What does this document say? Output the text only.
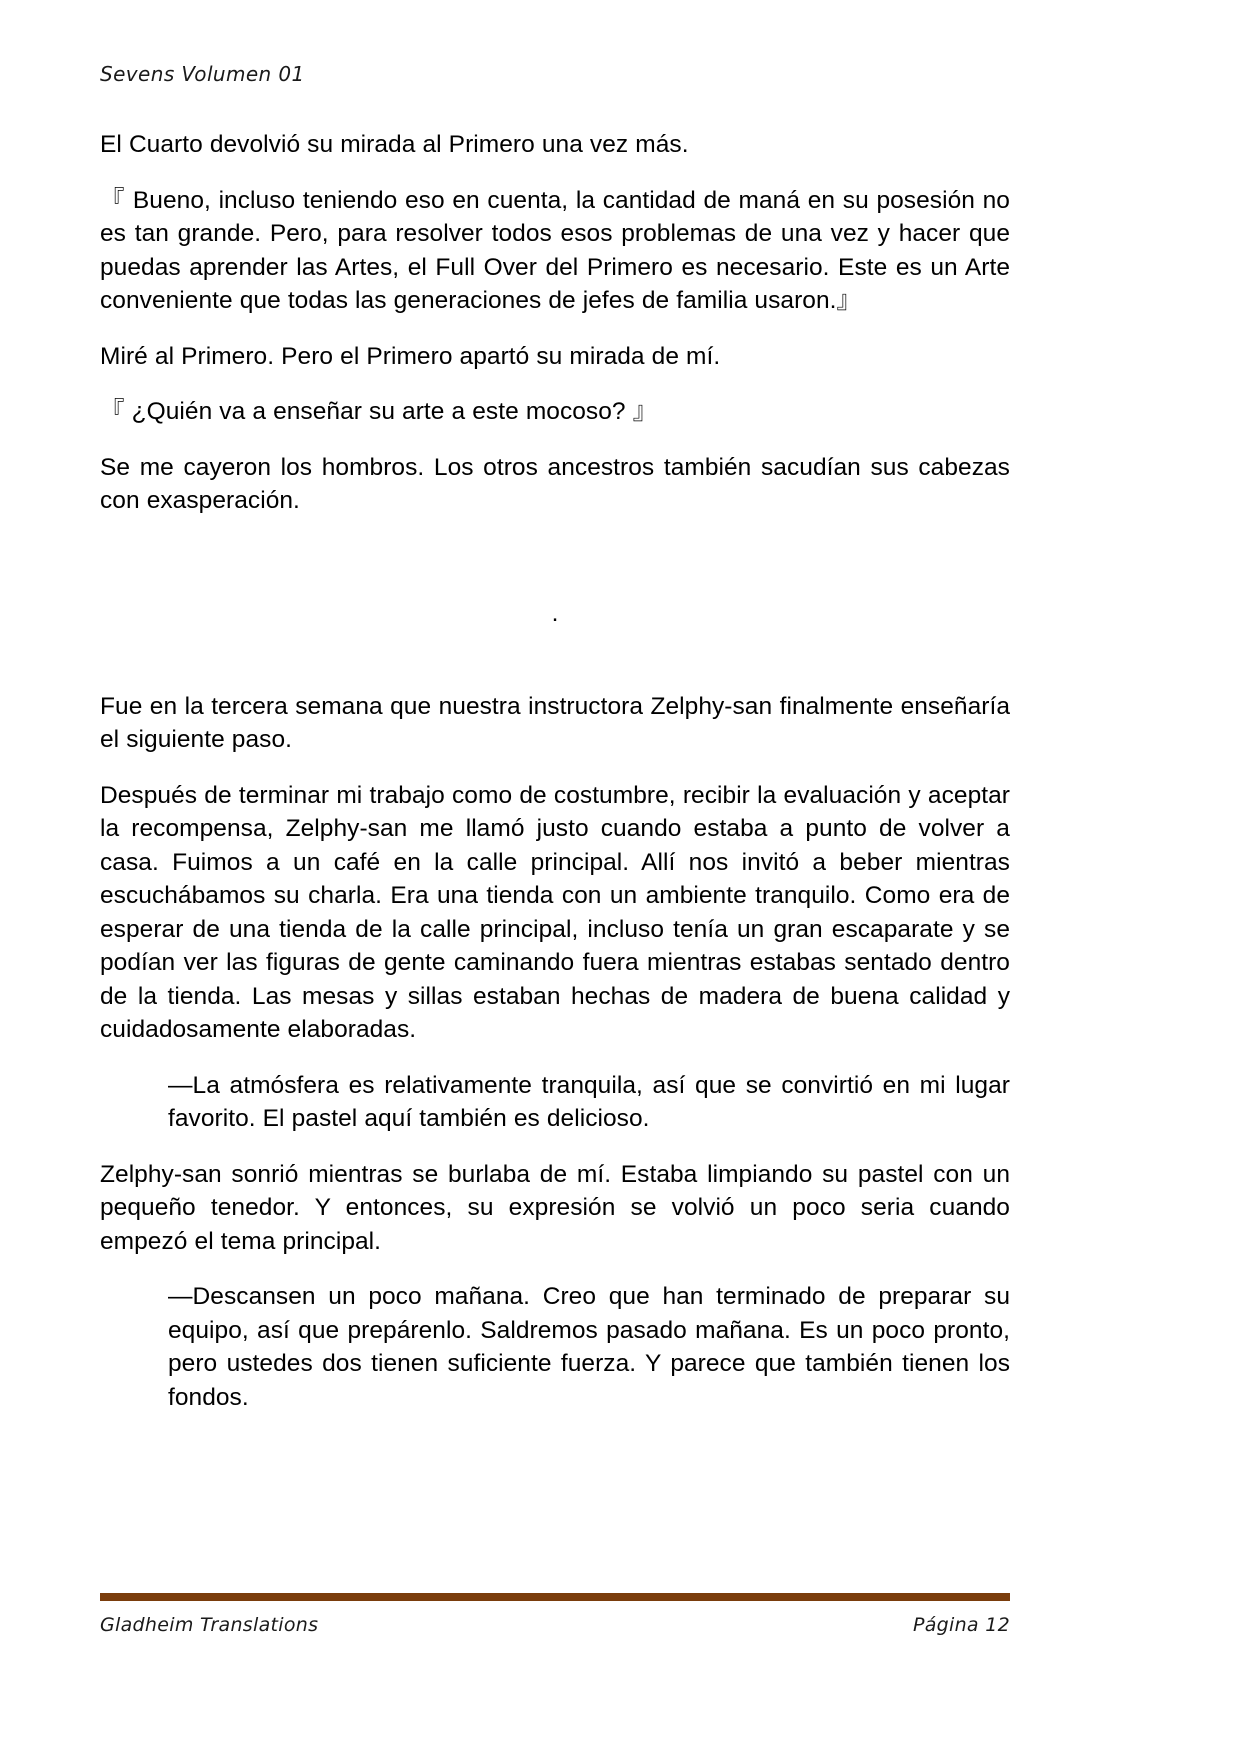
Sevens Volumen 01

El Cuarto devolvió su mirada al Primero una vez más.

『 Bueno, incluso teniendo eso en cuenta, la cantidad de maná en su posesión no es tan grande. Pero, para resolver todos esos problemas de una vez y hacer que puedas aprender las Artes, el Full Over del Primero es necesario. Este es un Arte conveniente que todas las generaciones de jefes de familia usaron.』

Miré al Primero. Pero el Primero apartó su mirada de mí.

『 ¿Quién va a enseñar su arte a este mocoso? 』

Se me cayeron los hombros. Los otros ancestros también sacudían sus cabezas con exasperación.

.

Fue en la tercera semana que nuestra instructora Zelphy-san finalmente enseñaría el siguiente paso.

Después de terminar mi trabajo como de costumbre, recibir la evaluación y aceptar la recompensa, Zelphy-san me llamó justo cuando estaba a punto de volver a casa. Fuimos a un café en la calle principal. Allí nos invitó a beber mientras escuchábamos su charla. Era una tienda con un ambiente tranquilo. Como era de esperar de una tienda de la calle principal, incluso tenía un gran escaparate y se podían ver las figuras de gente caminando fuera mientras estabas sentado dentro de la tienda. Las mesas y sillas estaban hechas de madera de buena calidad y cuidadosamente elaboradas.

—La atmósfera es relativamente tranquila, así que se convirtió en mi lugar favorito. El pastel aquí también es delicioso.

Zelphy-san sonrió mientras se burlaba de mí. Estaba limpiando su pastel con un pequeño tenedor. Y entonces, su expresión se volvió un poco seria cuando empezó el tema principal.

—Descansen un poco mañana. Creo que han terminado de preparar su equipo, así que prepárenlo. Saldremos pasado mañana. Es un poco pronto, pero ustedes dos tienen suficiente fuerza. Y parece que también tienen los fondos.

Gladheim Translations	Página 12
